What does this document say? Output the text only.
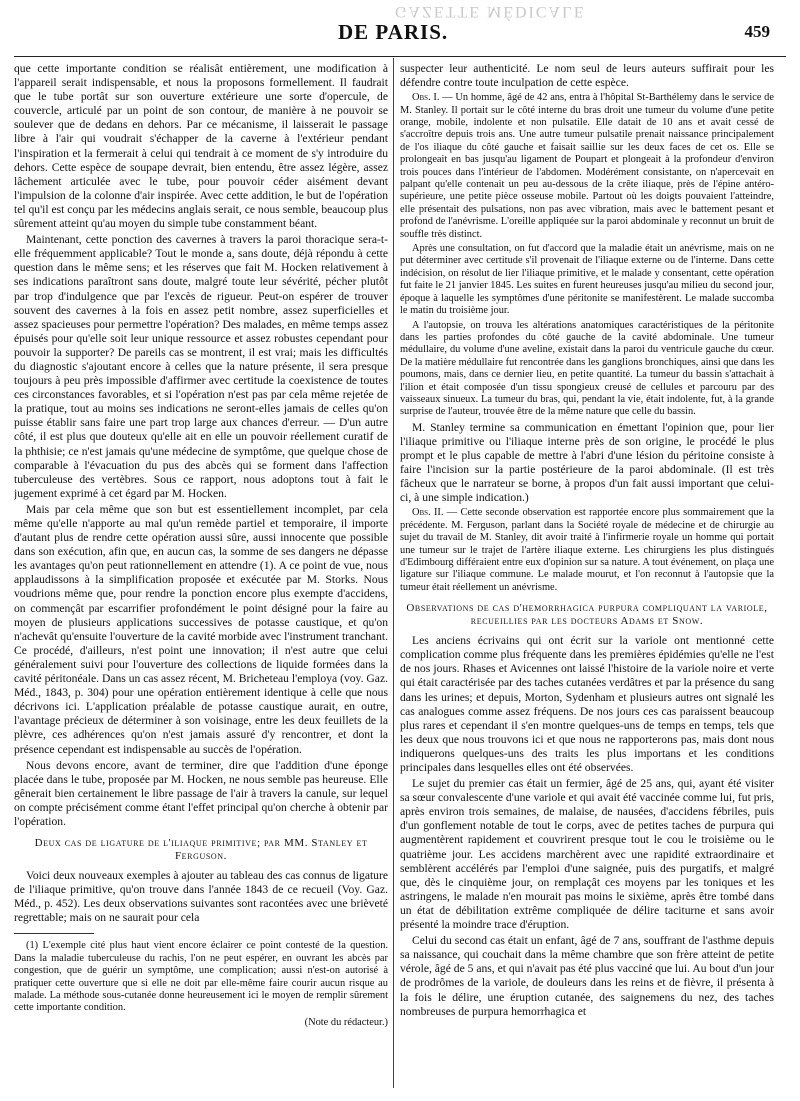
GAZETTE MÉDICALE
DE PARIS.	459

que cette importante condition se réalisât entièrement, une modification à l'appareil serait indispensable, et nous la proposons formellement. Il faudrait que le tube portât sur son ouverture extérieure une sorte d'opercule, de couvercle, articulé par un point de son contour, de manière à ne pouvoir se soulever que de dedans en dehors. Par ce mécanisme, il laisserait le passage libre à l'air qui voudrait s'échapper de la caverne à l'extérieur pendant l'inspiration et la fermerait à celui qui tendrait à ce moment de s'y introduire du dehors. Cette espèce de soupape devrait, bien entendu, être assez légère, assez lâchement articulée avec le tube, pour pouvoir céder aisément devant l'impulsion de la colonne d'air inspirée. Avec cette addition, le but de l'opération tel qu'il est conçu par les médecins anglais serait, ce nous semble, beaucoup plus sûrement atteint qu'au moyen du simple tube constamment béant.

Maintenant, cette ponction des cavernes à travers la paroi thoracique sera-t-elle fréquemment applicable? Tout le monde a, sans doute, déjà répondu à cette question dans le même sens; et les réserves que fait M. Hocken relativement à ses indications paraîtront sans doute, malgré toute leur sévérité, pécher plutôt par trop d'indulgence que par l'excès de rigueur. Peut-on espérer de trouver souvent des cavernes à la fois en assez petit nombre, assez superficielles et assez spacieuses pour permettre l'opération? Des malades, en même temps assez épuisés pour qu'elle soit leur unique ressource et assez robustes cependant pour pouvoir la supporter? De pareils cas se montrent, il est vrai; mais les difficultés du diagnostic s'ajoutant encore à celles que la nature présente, il sera presque toujours à peu près impossible d'affirmer avec certitude la coexistence de toutes ces circonstances favorables, et si l'opération n'est pas par cela même rejetée de la pratique, tout au moins ses indications ne seront-elles jamais de celles qu'on puisse établir sans faire une part trop large aux chances d'erreur. — D'un autre côté, il est plus que douteux qu'elle ait en elle un pouvoir réellement curatif de la phthisie; ce n'est jamais qu'une médecine de symptôme, que quelque chose de comparable à l'évacuation du pus des abcès qui se forment dans l'affection tuberculeuse des vertèbres. Sous ce rapport, nous adoptons tout à fait le jugement exprimé à cet égard par M. Hocken.

Mais par cela même que son but est essentiellement incomplet, par cela même qu'elle n'apporte au mal qu'un remède partiel et temporaire, il importe d'autant plus de rendre cette opération aussi sûre, aussi innocente que possible dans son exécution, afin que, en aucun cas, la somme de ses dangers ne dépasse les avantages qu'on peut rationnellement en attendre (1). A ce point de vue, nous applaudissons à la simplification proposée et exécutée par M. Storks. Nous voudrions même que, pour rendre la ponction encore plus exempte d'accidens, on commençât par escarrifier profondément le point désigné pour la faire au moyen de plusieurs applications successives de potasse caustique, et qu'on n'achevât qu'ensuite l'ouverture de la cavité morbide avec l'instrument tranchant. Ce procédé, d'ailleurs, n'est point une innovation; il n'est autre que celui généralement suivi pour l'ouverture des collections de liquide formées dans la cavité péritonéale. Dans un cas assez récent, M. Bricheteau l'employa (voy. Gaz. Méd., 1843, p. 304) pour une opération entièrement identique à celle que nous décrivons ici. L'application préalable de potasse caustique aurait, en outre, l'avantage précieux de déterminer à son voisinage, entre les deux feuillets de la plèvre, ces adhérences qu'on n'est jamais assuré d'y rencontrer, et dont la présence cependant est indispensable au succès de l'opération.

Nous devons encore, avant de terminer, dire que l'addition d'une éponge placée dans le tube, proposée par M. Hocken, ne nous semble pas heureuse. Elle gênerait bien certainement le libre passage de l'air à travers la canule, sur lequel on compte précisément comme étant l'effet principal qu'on cherche à obtenir par l'opération.

Deux cas de ligature de l'iliaque primitive; par MM. Stanley et Ferguson.

Voici deux nouveaux exemples à ajouter au tableau des cas connus de ligature de l'iliaque primitive, qu'on trouve dans l'année 1843 de ce recueil (Voy. Gaz. Méd., p. 452). Les deux observations suivantes sont racontées avec une brièveté regrettable; mais on ne saurait pour cela

(1) L'exemple cité plus haut vient encore éclairer ce point contesté de la question. Dans la maladie tuberculeuse du rachis, l'on ne peut espérer, en ouvrant les abcès par congestion, que de guérir un symptôme, une complication; aussi n'est-on autorisé à pratiquer cette ouverture que si elle ne doit par elle-même faire courir aucun risque au malade. La méthode sous-cutanée donne heureusement ici le moyen de remplir sûrement cette importante condition.

(Note du rédacteur.)

suspecter leur authenticité. Le nom seul de leurs auteurs suffirait pour les défendre contre toute inculpation de cette espèce.

Obs. I. — Un homme, âgé de 42 ans, entra à l'hôpital St-Barthélemy dans le service de M. Stanley. Il portait sur le côté interne du bras droit une tumeur du volume d'une petite orange, mobile, indolente et non pulsatile. Elle datait de 10 ans et avait cessé de s'accroître depuis trois ans. Une autre tumeur pulsatile prenait naissance principalement de l'os iliaque du côté gauche et faisait saillie sur les deux faces de cet os. Elle se prolongeait en bas jusqu'au ligament de Poupart et plongeait à la profondeur d'environ trois pouces dans l'intérieur de l'abdomen. Modérément consistante, on n'apercevait en palpant qu'elle contenait un peu au-dessous de la crête iliaque, près de l'épine antéro-supérieure, une petite pièce osseuse mobile. Partout où les doigts pouvaient l'atteindre, elle présentait des pulsations, non pas avec vibration, mais avec le battement pesant et profond de l'anévrisme. L'oreille appliquée sur la paroi abdominale y reconnut un bruit de souffle très distinct.

Après une consultation, on fut d'accord que la maladie était un anévrisme, mais on ne put déterminer avec certitude s'il provenait de l'iliaque externe ou de l'interne. Dans cette indécision, on résolut de lier l'iliaque primitive, et le malade y consentant, cette opération fut faite le 21 janvier 1845. Les suites en furent heureuses jusqu'au milieu du second jour, époque à laquelle les symptômes d'une péritonite se manifestèrent. Le malade succomba le matin du troisième jour.

A l'autopsie, on trouva les altérations anatomiques caractéristiques de la péritonite dans les parties profondes du côté gauche de la cavité abdominale. Une tumeur médullaire, du volume d'une aveline, existait dans la paroi du ventricule gauche du cœur. De la matière médullaire fut rencontrée dans les ganglions bronchiques, ainsi que dans les poumons, mais, dans ce dernier lieu, en petite quantité. La tumeur du bassin s'attachait à l'ilion et était composée d'un tissu spongieux creusé de cellules et parcouru par des vaisseaux sinueux. La tumeur du bras, qui, pendant la vie, était indolente, fut, à la grande surprise de l'auteur, trouvée être de la même nature que celle du bassin.

M. Stanley termine sa communication en émettant l'opinion que, pour lier l'iliaque primitive ou l'iliaque interne près de son origine, le procédé le plus prompt et le plus capable de mettre à l'abri d'une lésion du péritoine consiste à faire l'incision sur la partie postérieure de la paroi abdominale. (Il est très fâcheux que le narrateur se borne, à propos d'un fait aussi important que celui-ci, à une simple indication.)

Obs. II. — Cette seconde observation est rapportée encore plus sommairement que la précédente. M. Ferguson, parlant dans la Société royale de médecine et de chirurgie au sujet du travail de M. Stanley, dit avoir traité à l'infirmerie royale un homme qui portait une tumeur sur le trajet de l'artère iliaque externe. Les chirurgiens les plus distingués d'Edimbourg différaient entre eux d'opinion sur sa nature. A tout événement, on plaça une ligature sur l'iliaque commune. Le malade mourut, et l'on reconnut à l'autopsie que la tumeur était réellement un anévrisme.

Observations de cas d'hemorrhagica purpura compliquant la variole, recueillies par les docteurs Adams et Snow.

Les anciens écrivains qui ont écrit sur la variole ont mentionné cette complication comme plus fréquente dans les premières épidémies qu'elle ne l'est de nos jours. Rhases et Avicennes ont laissé l'histoire de la variole noire et verte qui était caractérisée par des taches cutanées verdâtres et par la présence du sang dans les urines; et depuis, Morton, Sydenham et plusieurs autres ont signalé les cas analogues comme assez fréquens. De nos jours ces cas paraissent beaucoup plus rares et cependant il s'en montre quelques-uns de temps en temps, tels que les deux que nous trouvons ici et que nous ne rapporterons pas, mais dont nous indiquerons quelques-uns des traits les plus importans et les conditions principales dans lesquelles elles ont été observées.

Le sujet du premier cas était un fermier, âgé de 25 ans, qui, ayant été visiter sa sœur convalescente d'une variole et qui avait été vaccinée comme lui, fut pris, après environ trois semaines, de malaise, de nausées, d'accidens fébriles, puis d'un gonflement notable de tout le corps, avec de petites taches de purpura qui augmentèrent rapidement et couvrirent presque tout le cou le troisième ou le quatrième jour. Les accidens marchèrent avec une rapidité extraordinaire et semblèrent accélérés par l'emploi d'une saignée, puis des purgatifs, et malgré que, dès le cinquième jour, on remplaçât ces moyens par les toniques et les astringens, le malade n'en mourait pas moins le sixième, après être tombé dans un état de débilitation extrême compliquée de délire taciturne et sans avoir présenté la moindre trace d'éruption.

Celui du second cas était un enfant, âgé de 7 ans, souffrant de l'asthme depuis sa naissance, qui couchait dans la même chambre que son frère atteint de petite vérole, âgé de 5 ans, et qui n'avait pas été plus vacciné que lui. Au bout d'un jour de prodrômes de la variole, de douleurs dans les reins et de fièvre, il présenta à la fois le délire, une éruption cutanée, des saignemens du nez, des taches nombreuses de purpura hemorrhagica et
